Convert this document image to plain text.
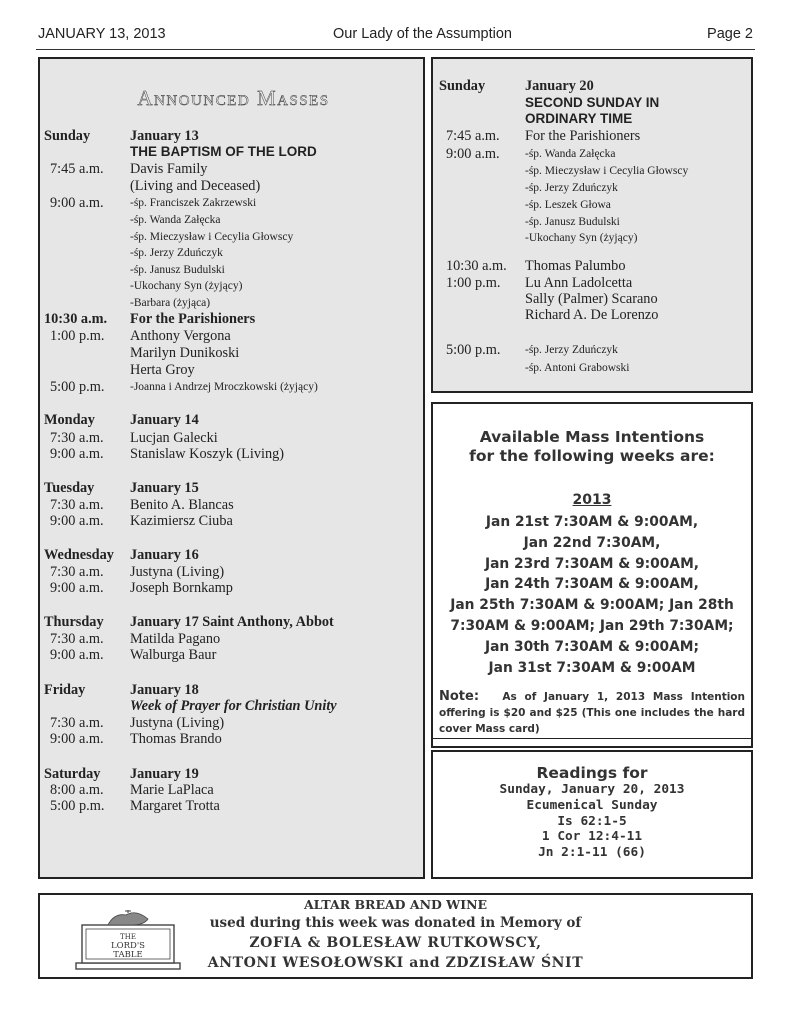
JANUARY 13, 2013	Our Lady of the Assumption	Page 2
Announced Masses
Sunday	January 13
THE BAPTISM OF THE LORD
7:45 a.m. Davis Family
(Living and Deceased)
9:00 a.m. -śp. Franciszek Zakrzewski
-śp. Wanda Załęcka
-śp. Mieczysław i Cecylia Głowscy
-śp. Jerzy Zduńczyk
-śp. Janusz Budulski
-Ukochany Syn (żyjący)
-Barbara (żyjąca)
10:30 a.m. For the Parishioners
1:00 p.m. Anthony Vergona
Marilyn Dunikoski
Herta Groy
5:00 p.m. -Joanna i Andrzej Mroczkowski (żyjący)
Monday January 14
7:30 a.m. Lucjan Galecki
9:00 a.m. Stanislaw Koszyk (Living)
Tuesday January 15
7:30 a.m. Benito A. Blancas
9:00 a.m. Kazimiersz Ciuba
Wednesday January 16
7:30 a.m. Justyna (Living)
9:00 a.m. Joseph Bornkamp
Thursday January 17 Saint Anthony, Abbot
7:30 a.m. Matilda Pagano
9:00 a.m. Walburga Baur
Friday	January 18
Week of Prayer for Christian Unity
7:30 a.m. Justyna (Living)
9:00 a.m. Thomas Brando
Saturday January 19
8:00 a.m. Marie LaPlaca
5:00 p.m. Margaret Trotta
Sunday	January 20
SECOND SUNDAY IN
ORDINARY TIME
7:45 a.m. For the Parishioners
9:00 a.m. -śp. Wanda Załęcka
-śp. Mieczysław i Cecylia Głowscy
-śp. Jerzy Zduńczyk
-śp. Leszek Głowa
-śp. Janusz Budulski
-Ukochany Syn (żyjący)
10:30 a.m. Thomas Palumbo
1:00 p.m. Lu Ann Ladolcetta
Sally (Palmer) Scarano
Richard A. De Lorenzo
5:00 p.m. -śp. Jerzy Zduńczyk
-śp. Antoni Grabowski
Available Mass Intentions
for the following weeks are:
2013
Jan 21st 7:30AM & 9:00AM,
Jan 22nd 7:30AM,
Jan 23rd 7:30AM & 9:00AM,
Jan 24th 7:30AM & 9:00AM,
Jan 25th 7:30AM & 9:00AM; Jan 28th
7:30AM & 9:00AM; Jan 29th 7:30AM;
Jan 30th 7:30AM & 9:00AM;
Jan 31st 7:30AM & 9:00AM
Note: As of January 1, 2013 Mass Intention offering is $20 and $25 (This one includes the hard cover Mass card)
Readings for
Sunday, January 20, 2013
Ecumenical Sunday
Is 62:1-5
1 Cor 12:4-11
Jn 2:1-11 (66)
THE
LORD'S
TABLE
ALTAR BREAD AND WINE
used during this week was donated in Memory of
ZOFIA & BOLESŁAW RUTKOWSCY,
ANTONI WESOŁOWSKI and ZDZISŁAW ŚNIT
